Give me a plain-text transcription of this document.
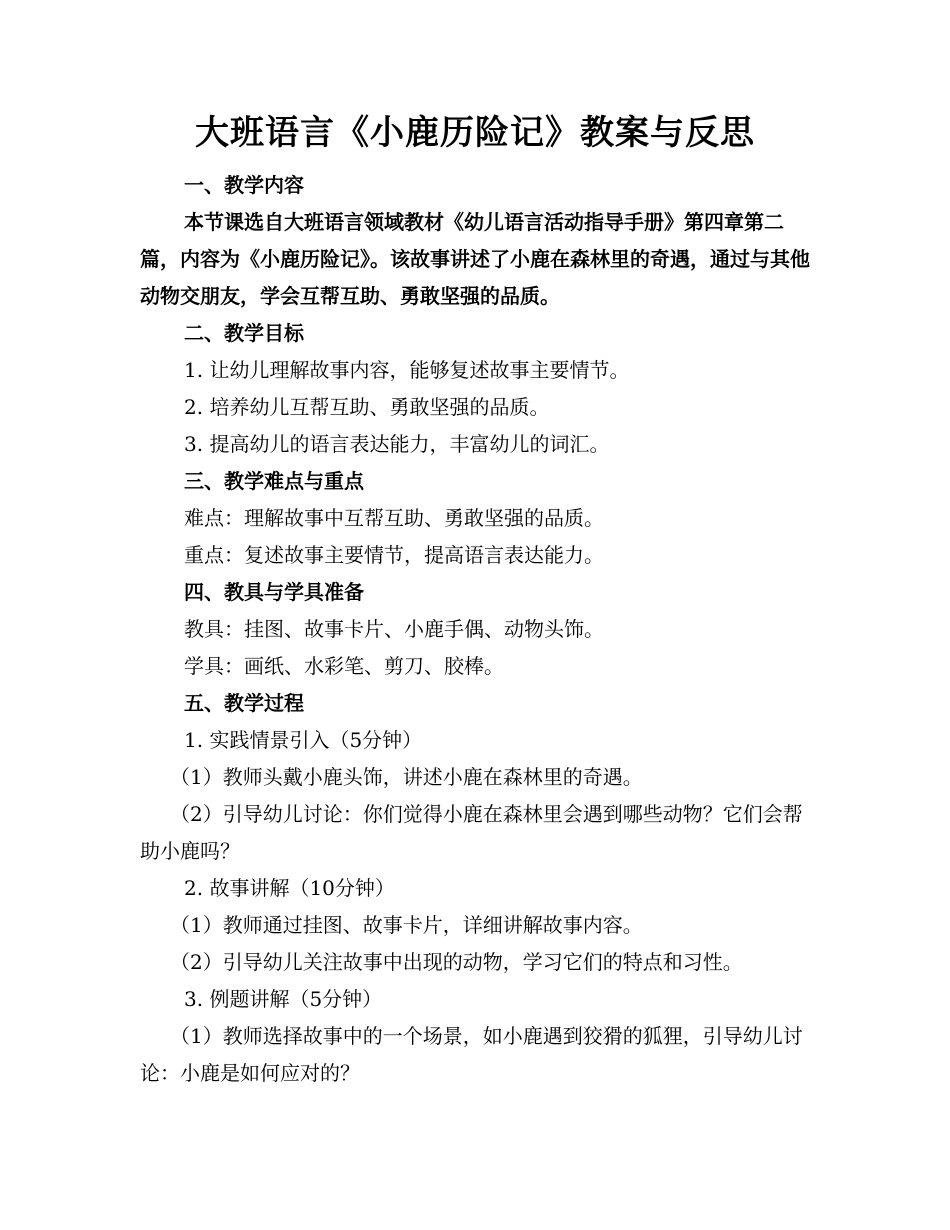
大班语言《小鹿历险记》教案与反思

一、教学内容

本节课选自大班语言领域教材《幼儿语言活动指导手册》第四章第二篇，内容为《小鹿历险记》。该故事讲述了小鹿在森林里的奇遇，通过与其他动物交朋友，学会互帮互助、勇敢坚强的品质。

二、教学目标

1. 让幼儿理解故事内容，能够复述故事主要情节。

2. 培养幼儿互帮互助、勇敢坚强的品质。

3. 提高幼儿的语言表达能力，丰富幼儿的词汇。

三、教学难点与重点

难点：理解故事中互帮互助、勇敢坚强的品质。

重点：复述故事主要情节，提高语言表达能力。

四、教具与学具准备

教具：挂图、故事卡片、小鹿手偶、动物头饰。

学具：画纸、水彩笔、剪刀、胶棒。

五、教学过程

1. 实践情景引入（5分钟）

（1）教师头戴小鹿头饰，讲述小鹿在森林里的奇遇。

（2）引导幼儿讨论：你们觉得小鹿在森林里会遇到哪些动物？它们会帮助小鹿吗？

2. 故事讲解（10分钟）

（1）教师通过挂图、故事卡片，详细讲解故事内容。

（2）引导幼儿关注故事中出现的动物，学习它们的特点和习性。

3. 例题讲解（5分钟）

（1）教师选择故事中的一个场景，如小鹿遇到狡猾的狐狸，引导幼儿讨论：小鹿是如何应对的？
